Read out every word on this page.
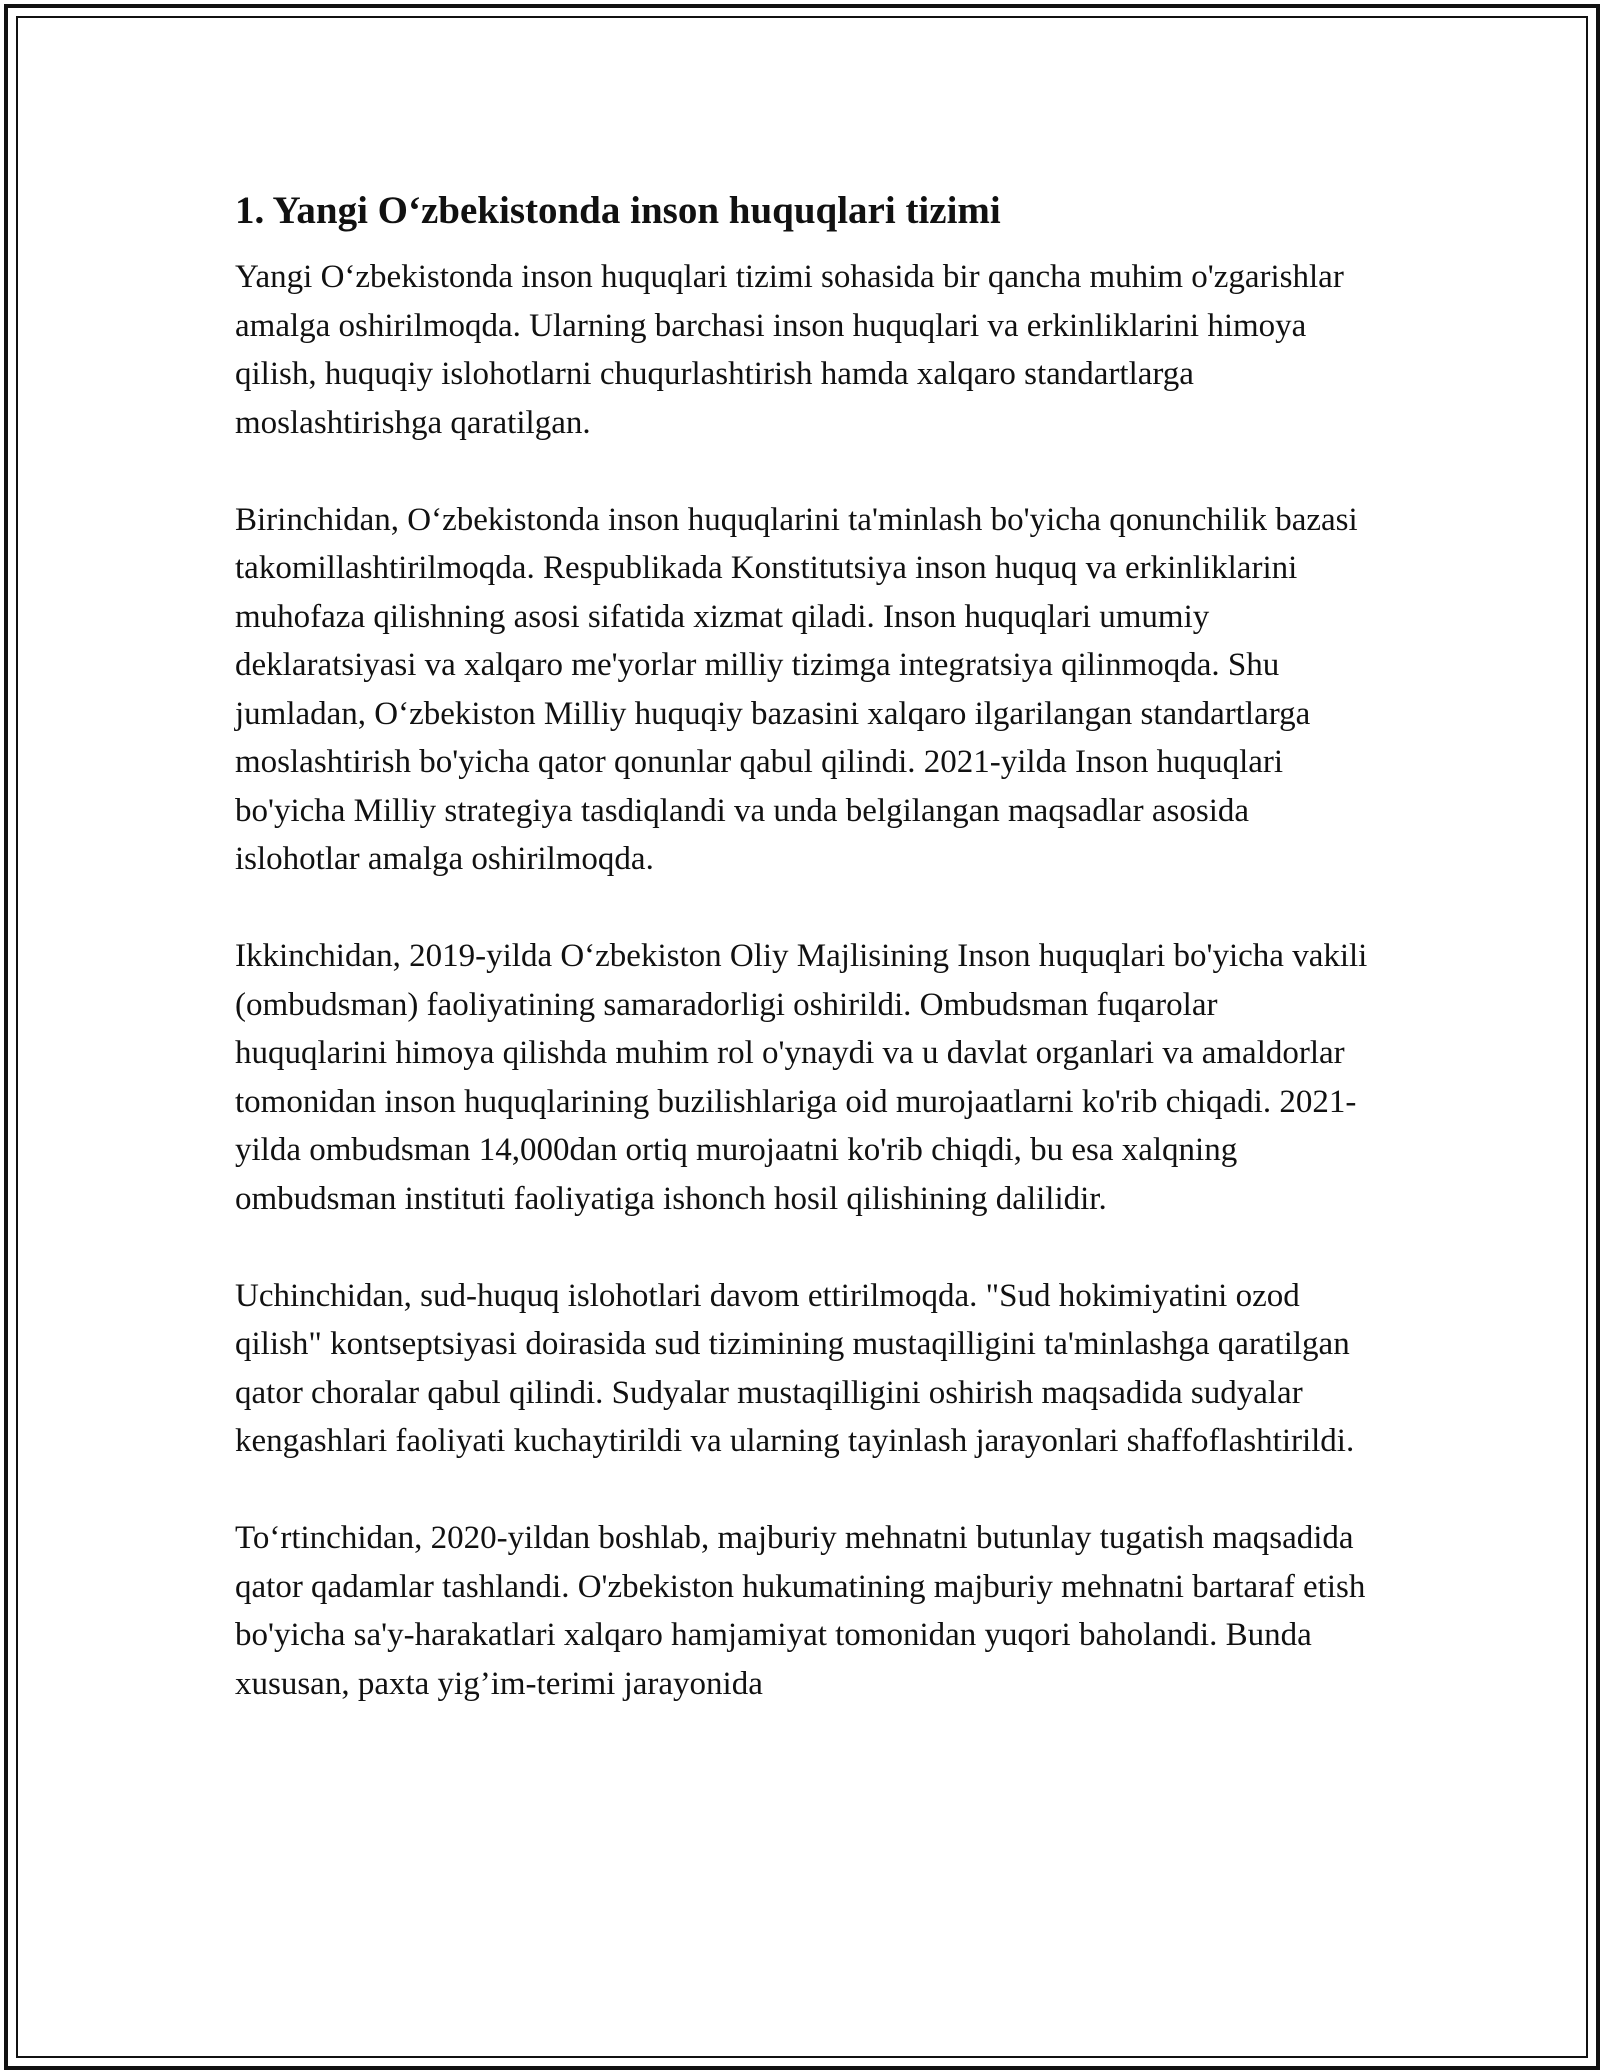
1. Yangi O‘zbekistonda inson huquqlari tizimi

Yangi O‘zbekistonda inson huquqlari tizimi sohasida bir qancha muhim o'zgarishlar amalga oshirilmoqda. Ularning barchasi inson huquqlari va erkinliklarini himoya qilish, huquqiy islohotlarni chuqurlashtirish hamda xalqaro standartlarga moslashtirishga qaratilgan.

Birinchidan, O‘zbekistonda inson huquqlarini ta'minlash bo'yicha qonunchilik bazasi takomillashtirilmoqda. Respublikada Konstitutsiya inson huquq va erkinliklarini muhofaza qilishning asosi sifatida xizmat qiladi. Inson huquqlari umumiy deklaratsiyasi va xalqaro me'yorlar milliy tizimga integratsiya qilinmoqda. Shu jumladan, O‘zbekiston Milliy huquqiy bazasini xalqaro ilgarilangan standartlarga moslashtirish bo'yicha qator qonunlar qabul qilindi. 2021-yilda Inson huquqlari bo'yicha Milliy strategiya tasdiqlandi va unda belgilangan maqsadlar asosida islohotlar amalga oshirilmoqda.

Ikkinchidan, 2019-yilda O‘zbekiston Oliy Majlisining Inson huquqlari bo'yicha vakili (ombudsman) faoliyatining samaradorligi oshirildi. Ombudsman fuqarolar huquqlarini himoya qilishda muhim rol o'ynaydi va u davlat organlari va amaldorlar tomonidan inson huquqlarining buzilishlariga oid murojaatlarni ko'rib chiqadi. 2021-yilda ombudsman 14,000dan ortiq murojaatni ko'rib chiqdi, bu esa xalqning ombudsman instituti faoliyatiga ishonch hosil qilishining dalilidir.

Uchinchidan, sud-huquq islohotlari davom ettirilmoqda. "Sud hokimiyatini ozod qilish" kontseptsiyasi doirasida sud tizimining mustaqilligini ta'minlashga qaratilgan qator choralar qabul qilindi. Sudyalar mustaqilligini oshirish maqsadida sudyalar kengashlari faoliyati kuchaytirildi va ularning tayinlash jarayonlari shaffoflashtirildi.

To‘rtinchidan, 2020-yildan boshlab, majburiy mehnatni butunlay tugatish maqsadida qator qadamlar tashlandi. O'zbekiston hukumatining majburiy mehnatni bartaraf etish bo'yicha sa'y-harakatlari xalqaro hamjamiyat tomonidan yuqori baholandi. Bunda xususan, paxta yig’im-terimi jarayonida
